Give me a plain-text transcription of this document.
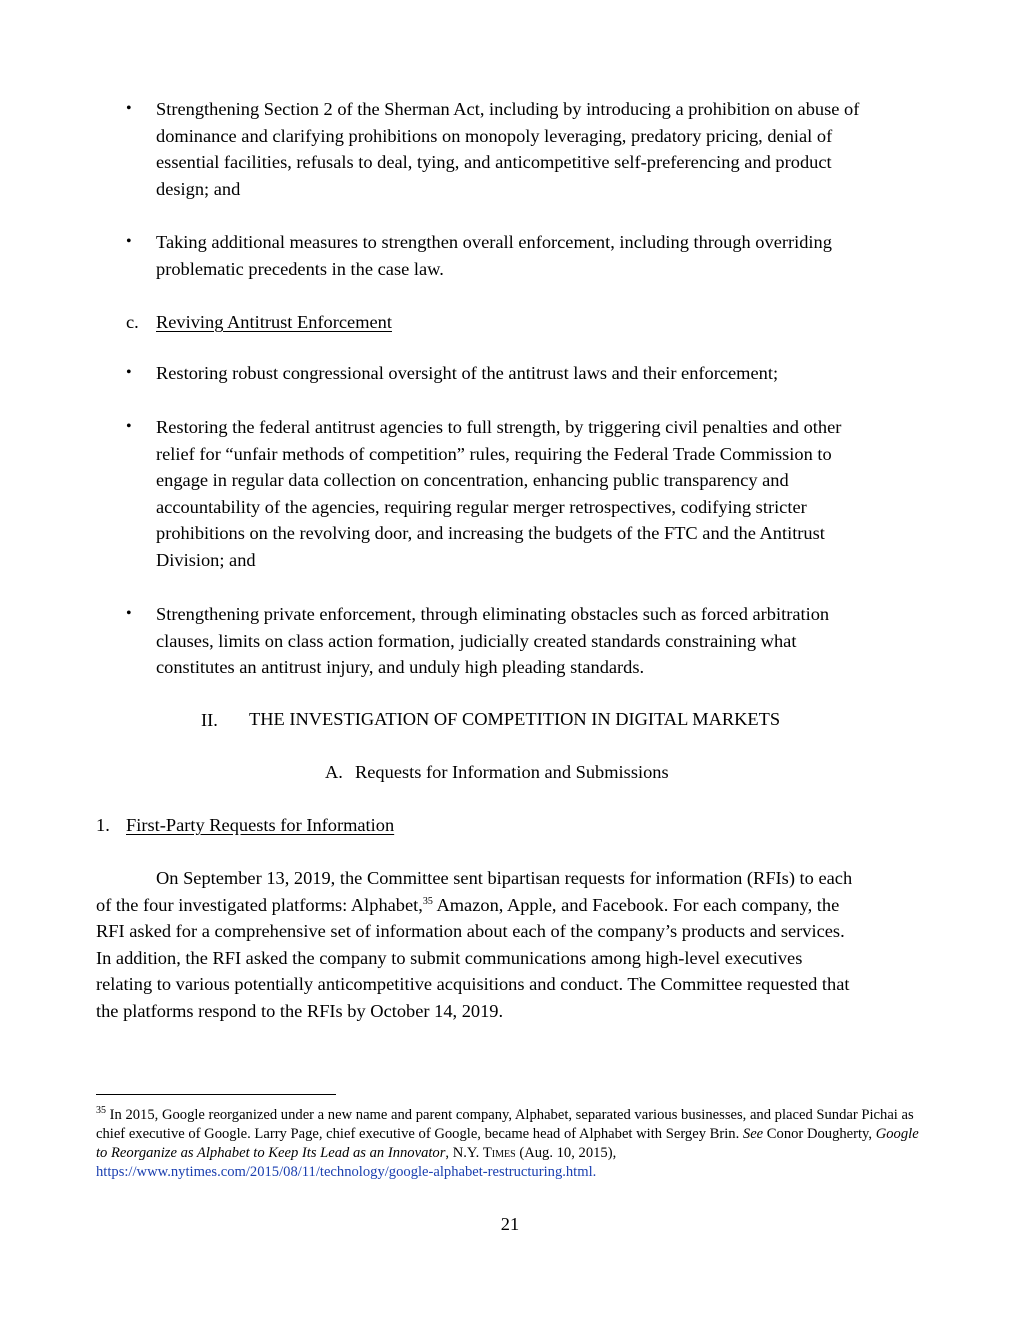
• Strengthening Section 2 of the Sherman Act, including by introducing a prohibition on abuse of
dominance and clarifying prohibitions on monopoly leveraging, predatory pricing, denial of
essential facilities, refusals to deal, tying, and anticompetitive self-preferencing and product
design; and
• Taking additional measures to strengthen overall enforcement, including through overriding
problematic precedents in the case law.
c. Reviving Antitrust Enforcement
• Restoring robust congressional oversight of the antitrust laws and their enforcement;
• Restoring the federal antitrust agencies to full strength, by triggering civil penalties and other
relief for “unfair methods of competition” rules, requiring the Federal Trade Commission to
engage in regular data collection on concentration, enhancing public transparency and
accountability of the agencies, requiring regular merger retrospectives, codifying stricter
prohibitions on the revolving door, and increasing the budgets of the FTC and the Antitrust
Division; and
• Strengthening private enforcement, through eliminating obstacles such as forced arbitration
clauses, limits on class action formation, judicially created standards constraining what
constitutes an antitrust injury, and unduly high pleading standards.
II. THE INVESTIGATION OF COMPETITION IN DIGITAL MARKETS
A. Requests for Information and Submissions
1. First-Party Requests for Information
On September 13, 2019, the Committee sent bipartisan requests for information (RFIs) to each
of the four investigated platforms: Alphabet,$^{35}$ Amazon, Apple, and Facebook. For each company, the
RFI asked for a comprehensive set of information about each of the company’s products and services.
In addition, the RFI asked the company to submit communications among high-level executives
relating to various potentially anticompetitive acquisitions and conduct. The Committee requested that
the platforms respond to the RFIs by October 14, 2019.
$^{35}$ In 2015, Google reorganized under a new name and parent company, Alphabet, separated various businesses, and placed Sundar Pichai as chief executive of Google. Larry Page, chief executive of Google, became head of Alphabet with Sergey Brin. See Conor Dougherty, Google to Reorganize as Alphabet to Keep Its Lead as an Innovator, N.Y. Times (Aug. 10, 2015), https://www.nytimes.com/2015/08/11/technology/google-alphabet-restructuring.html.
21
